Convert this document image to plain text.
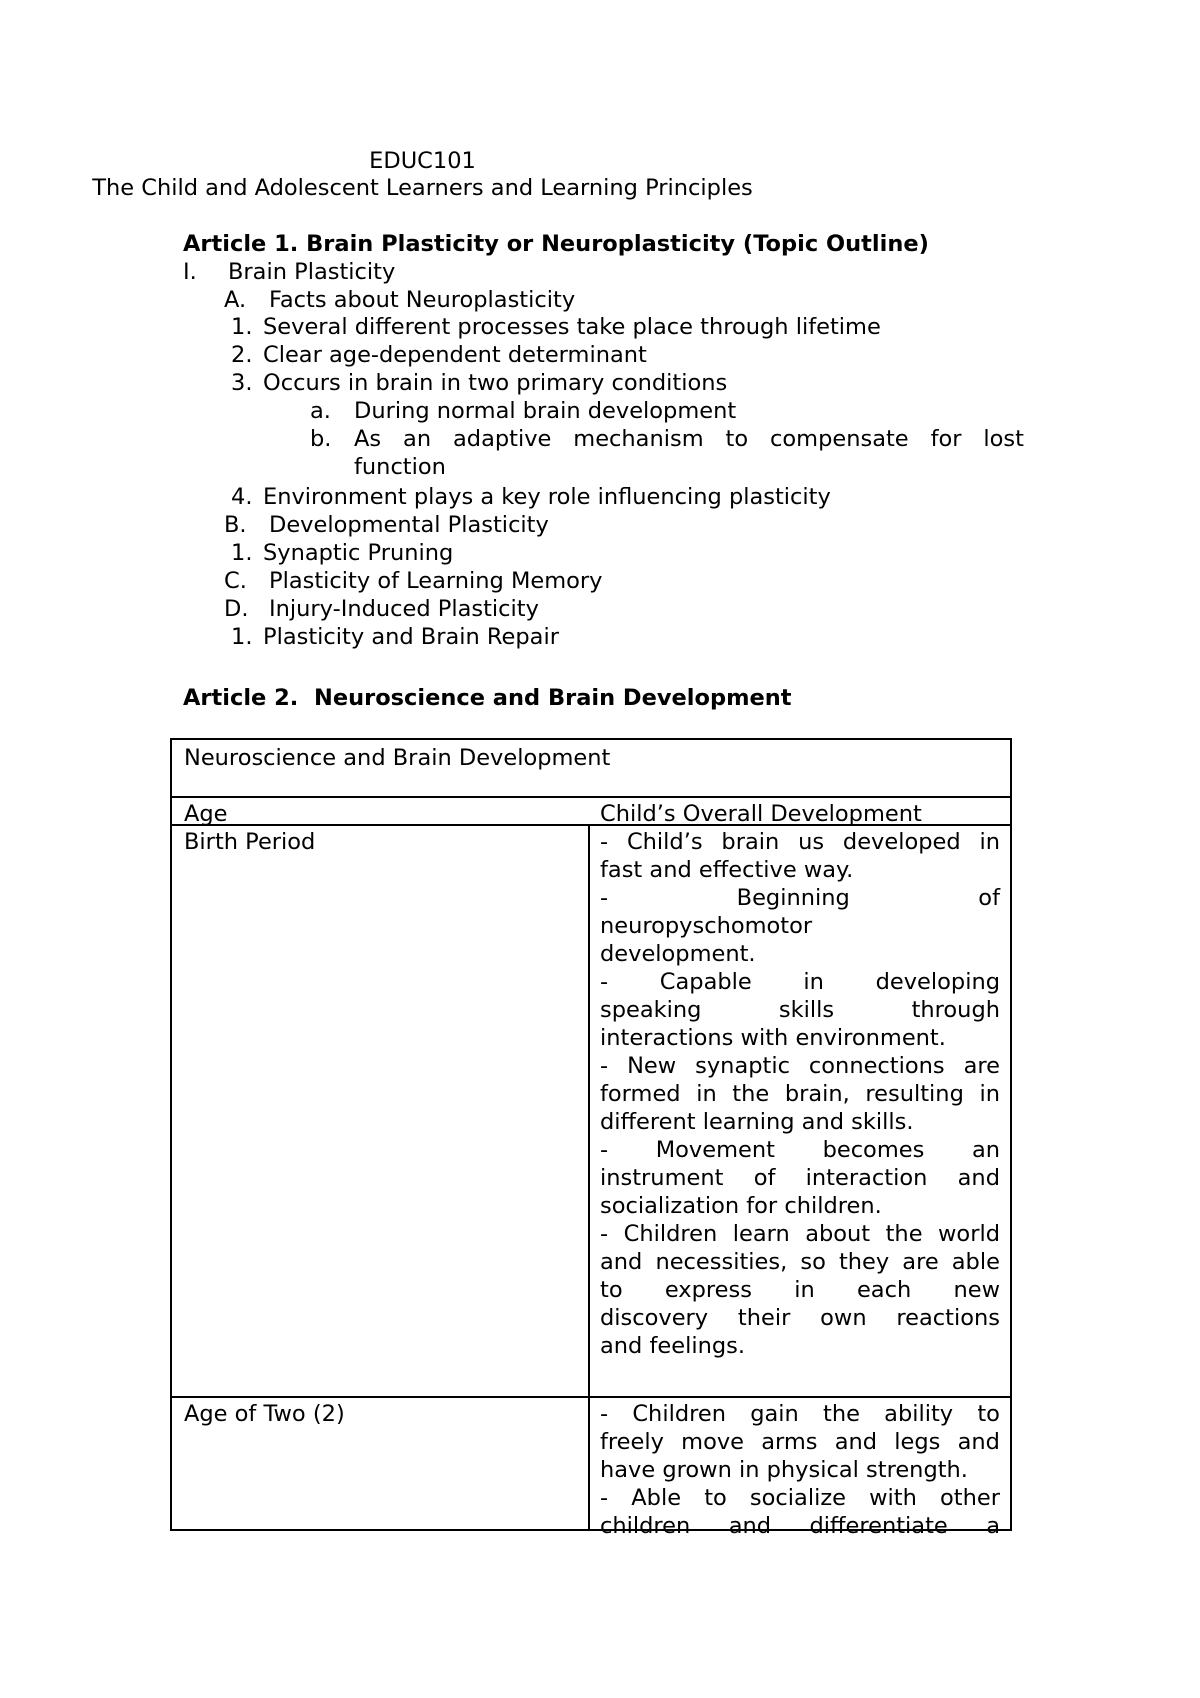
EDUC101
The Child and Adolescent Learners and Learning Principles
Article 1. Brain Plasticity or Neuroplasticity (Topic Outline)
I. Brain Plasticity
A. Facts about Neuroplasticity
1. Several different processes take place through lifetime
2. Clear age-dependent determinant
3. Occurs in brain in two primary conditions
a. During normal brain development
b.	As an adaptive mechanism to compensate for lost
function
4. Environment plays a key role influencing plasticity
B. Developmental Plasticity
1. Synaptic Pruning
C. Plasticity of Learning Memory
D. Injury-Induced Plasticity
1. Plasticity and Brain Repair
Article 2.  Neuroscience and Brain Development
Neuroscience and Brain Development
Age	Child’s Overall Development
Birth Period	- Child’s brain us developed in
fast and effective way.
-	Beginning	of
neuropyschomotor
development.
- Capable in developing
speaking	skills	through
interactions with environment.
- New synaptic connections are
formed in the brain, resulting in
different learning and skills.
- Movement becomes an
instrument of interaction and
socialization for children.
- Children learn about the world
and necessities, so they are able
to express in each new
discovery their own reactions
and feelings.
Age of Two (2)	- Children gain the ability to
freely move arms and legs and
have grown in physical strength.
- Able to socialize with other
children and differentiate a
